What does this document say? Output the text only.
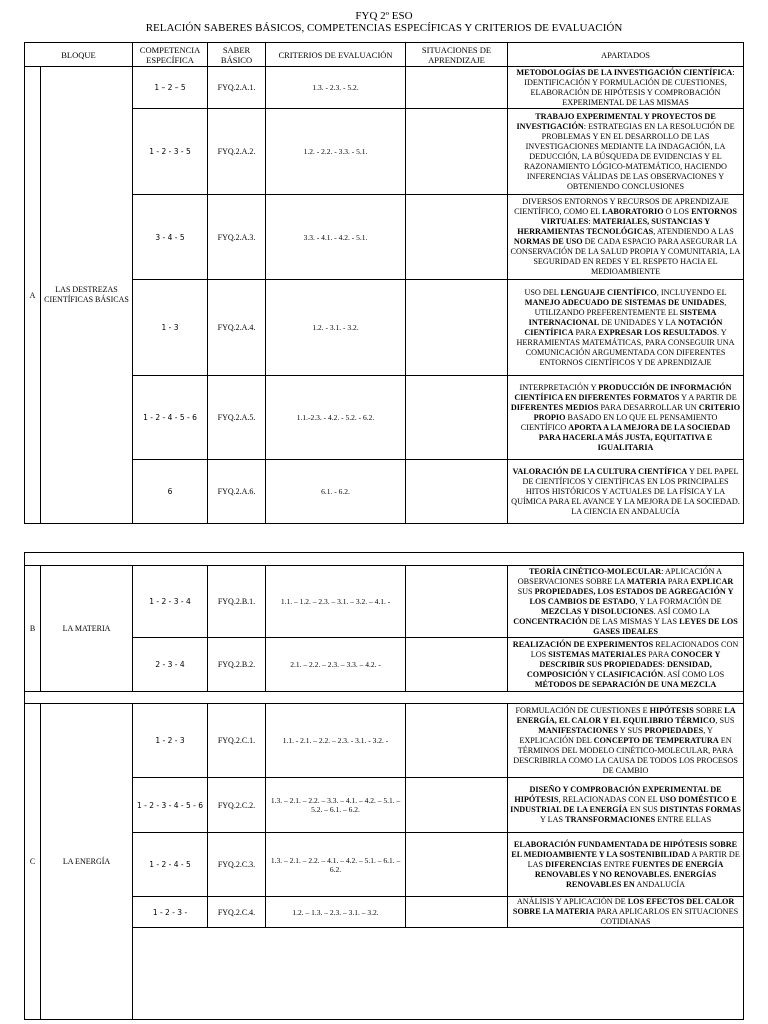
FYQ 2º ESO
RELACIÓN SABERES BÁSICOS, COMPETENCIAS ESPECÍFICAS Y CRITERIOS DE EVALUACIÓN
BLOQUE		COMPETENCIA ESPECÍFICA	SABER BÁSICO	CRITERIOS DE EVALUACIÓN	SITUACIONES DE APRENDIZAJE	APARTADOS
A	LAS DESTREZAS CIENTÍFICAS BÁSICAS	1 – 2 – 5	FYQ.2.A.1.	1.3. - 2.3. - 5.2.		METODOLOGÍAS DE LA INVESTIGACIÓN CIENTÍFICA: IDENTIFICACIÓN Y FORMULACIÓN DE CUESTIONES, ELABORACIÓN DE HIPÓTESIS Y COMPROBACIÓN EXPERIMENTAL DE LAS MISMAS
		1 - 2 - 3 - 5	FYQ.2.A.2.	1.2. - 2.2. - 3.3. - 5.1.		TRABAJO EXPERIMENTAL Y PROYECTOS DE INVESTIGACIÓN: ESTRATEGIAS EN LA RESOLUCIÓN DE PROBLEMAS Y EN EL DESARROLLO DE LAS INVESTIGACIONES MEDIANTE LA INDAGACIÓN, LA DEDUCCIÓN, LA BÚSQUEDA DE EVIDENCIAS Y EL RAZONAMIENTO LÓGICO-MATEMÁTICO, HACIENDO INFERENCIAS VÁLIDAS DE LAS OBSERVACIONES Y OBTENIENDO CONCLUSIONES
		3 - 4 - 5	FYQ.2.A.3.	3.3. - 4.1. - 4.2. - 5.1.		DIVERSOS ENTORNOS Y RECURSOS DE APRENDIZAJE CIENTÍFICO, COMO EL LABORATORIO O LOS ENTORNOS VIRTUALES: MATERIALES, SUSTANCIAS Y HERRAMIENTAS TECNOLÓGICAS, ATENDIENDO A LAS NORMAS DE USO DE CADA ESPACIO PARA ASEGURAR LA CONSERVACIÓN DE LA SALUD PROPIA Y COMUNITARIA, LA SEGURIDAD EN REDES Y EL RESPETO HACIA EL MEDIOAMBIENTE
		1 - 3	FYQ.2.A.4.	1.2. - 3.1. - 3.2.		USO DEL LENGUAJE CIENTÍFICO, INCLUYENDO EL MANEJO ADECUADO DE SISTEMAS DE UNIDADES, UTILIZANDO PREFERENTEMENTE EL SISTEMA INTERNACIONAL DE UNIDADES Y LA NOTACIÓN CIENTÍFICA PARA EXPRESAR LOS RESULTADOS. Y HERRAMIENTAS MATEMÁTICAS, PARA CONSEGUIR UNA COMUNICACIÓN ARGUMENTADA CON DIFERENTES ENTORNOS CIENTÍFICOS Y DE APRENDIZAJE
		1 - 2 - 4 - 5 - 6	FYQ.2.A.5.	1.1.-2.3. - 4.2. - 5.2. - 6.2.		INTERPRETACIÓN Y PRODUCCIÓN DE INFORMACIÓN CIENTÍFICA EN DIFERENTES FORMATOS Y A PARTIR DE DIFERENTES MEDIOS PARA DESARROLLAR UN CRITERIO PROPIO BASADO EN LO QUE EL PENSAMIENTO CIENTÍFICO APORTA A LA MEJORA DE LA SOCIEDAD PARA HACERLA MÁS JUSTA, EQUITATIVA E IGUALITARIA
		6	FYQ.2.A.6.	6.1. - 6.2.		VALORACIÓN DE LA CULTURA CIENTÍFICA Y DEL PAPEL DE CIENTÍFICOS Y CIENTÍFICAS EN LOS PRINCIPALES HITOS HISTÓRICOS Y ACTUALES DE LA FÍSICA Y LA QUÍMICA PARA EL AVANCE Y LA MEJORA DE LA SOCIEDAD. LA CIENCIA EN ANDALUCÍA

B	LA MATERIA	1 - 2 - 3 - 4	FYQ.2.B.1.	1.1. – 1.2. – 2.3. – 3.1. – 3.2. – 4.1. -		TEORÍA CINÉTICO-MOLECULAR: APLICACIÓN A OBSERVACIONES SOBRE LA MATERIA PARA EXPLICAR SUS PROPIEDADES, LOS ESTADOS DE AGREGACIÓN Y LOS CAMBIOS DE ESTADO, Y LA FORMACIÓN DE MEZCLAS Y DISOLUCIONES. ASÍ COMO LA CONCENTRACIÓN DE LAS MISMAS Y LAS LEYES DE LOS GASES IDEALES
		2 - 3 - 4	FYQ.2.B.2.	2.1. – 2.2. – 2.3. – 3.3. – 4.2. -		REALIZACIÓN DE EXPERIMENTOS RELACIONADOS CON LOS SISTEMAS MATERIALES PARA CONOCER Y DESCRIBIR SUS PROPIEDADES: DENSIDAD, COMPOSICIÓN Y CLASIFICACIÓN. ASÍ COMO LOS MÉTODOS DE SEPARACIÓN DE UNA MEZCLA

C	LA ENERGÍA	1 - 2 - 3	FYQ.2.C.1.	1.1. - 2.1. – 2.2. – 2.3. - 3.1. - 3.2. -		FORMULACIÓN DE CUESTIONES E HIPÓTESIS SOBRE LA ENERGÍA, EL CALOR Y EL EQUILIBRIO TÉRMICO, SUS MANIFESTACIONES Y SUS PROPIEDADES, Y EXPLICACIÓN DEL CONCEPTO DE TEMPERATURA EN TÉRMINOS DEL MODELO CINÉTICO-MOLECULAR, PARA DESCRIBIRLA COMO LA CAUSA DE TODOS LOS PROCESOS DE CAMBIO
		1 - 2 - 3 - 4 - 5 - 6	FYQ.2.C.2.	1.3. – 2.1. – 2.2. – 3.3. – 4.1. – 4.2. – 5.1. – 5.2. – 6.1. – 6.2.		DISEÑO Y COMPROBACIÓN EXPERIMENTAL DE HIPÓTESIS, RELACIONADAS CON EL USO DOMÉSTICO E INDUSTRIAL DE LA ENERGÍA EN SUS DISTINTAS FORMAS Y LAS TRANSFORMACIONES ENTRE ELLAS
		1 - 2 - 4 - 5	FYQ.2.C.3.	1.3. – 2.1. – 2.2. – 4.1. – 4.2. – 5.1. – 6.1. – 6.2.		ELABORACIÓN FUNDAMENTADA DE HIPÓTESIS SOBRE EL MEDIOAMBIENTE Y LA SOSTENIBILIDAD A PARTIR DE LAS DIFERENCIAS ENTRE FUENTES DE ENERGÍA RENOVABLES Y NO RENOVABLES. ENERGÍAS RENOVABLES EN ANDALUCÍA
		1 - 2 - 3 -	FYQ.2.C.4.	1.2. – 1.3. – 2.3. – 3.1. – 3.2.		ANÁLISIS Y APLICACIÓN DE LOS EFECTOS DEL CALOR SOBRE LA MATERIA PARA APLICARLOS EN SITUACIONES COTIDIANAS
